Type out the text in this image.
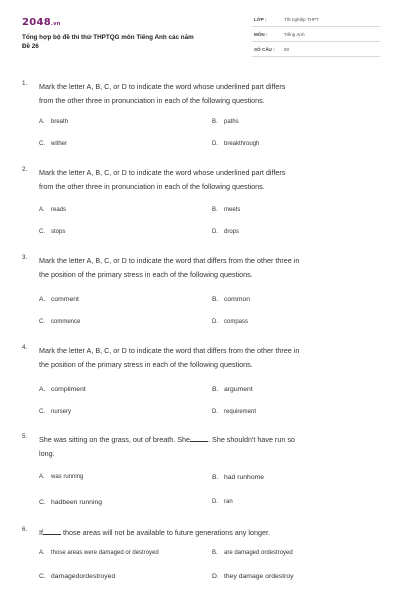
2048.vn
Tổng hợp bộ đề thi thử THPTQG môn Tiếng Anh các năm
Đề 26
LỚP :	Tốt nghiệp THPT
MÔN :	Tiếng Anh
SỐ CÂU : 50
1. Mark the letter A, B, C, or D to indicate the word whose underlined part differs
from the other three in pronunciation in each of the following questions.
A. breath	B. paths
C. wither	D. breakthrough
2. Mark the letter A, B, C, or D to indicate the word whose underlined part differs
from the other three in pronunciation in each of the following questions.
A. reads	B. meets
C. stops	D. drops
3. Mark the letter A, B, C, or D to indicate the word that differs from the other three in
the position of the primary stress in each of the following questions.
A. comment	B. common
C. commence	D. compass
4. Mark the letter A, B, C, or D to indicate the word that differs from the other three in
the position of the primary stress in each of the following questions.
A. compliment	B. argument
C. nursery	D. requirement
5. She was sitting on the grass, out of breath. She	. She shouldn't have run so
long.
A. was running	B. had runhome
C. hadbeen running	D. ran
6. If	those areas will not be available to future generations any longer.
A. those areas were damaged or destroyed	B. are damaged ordestroyed
C. damagedordestroyed	D. they damage ordestroy
